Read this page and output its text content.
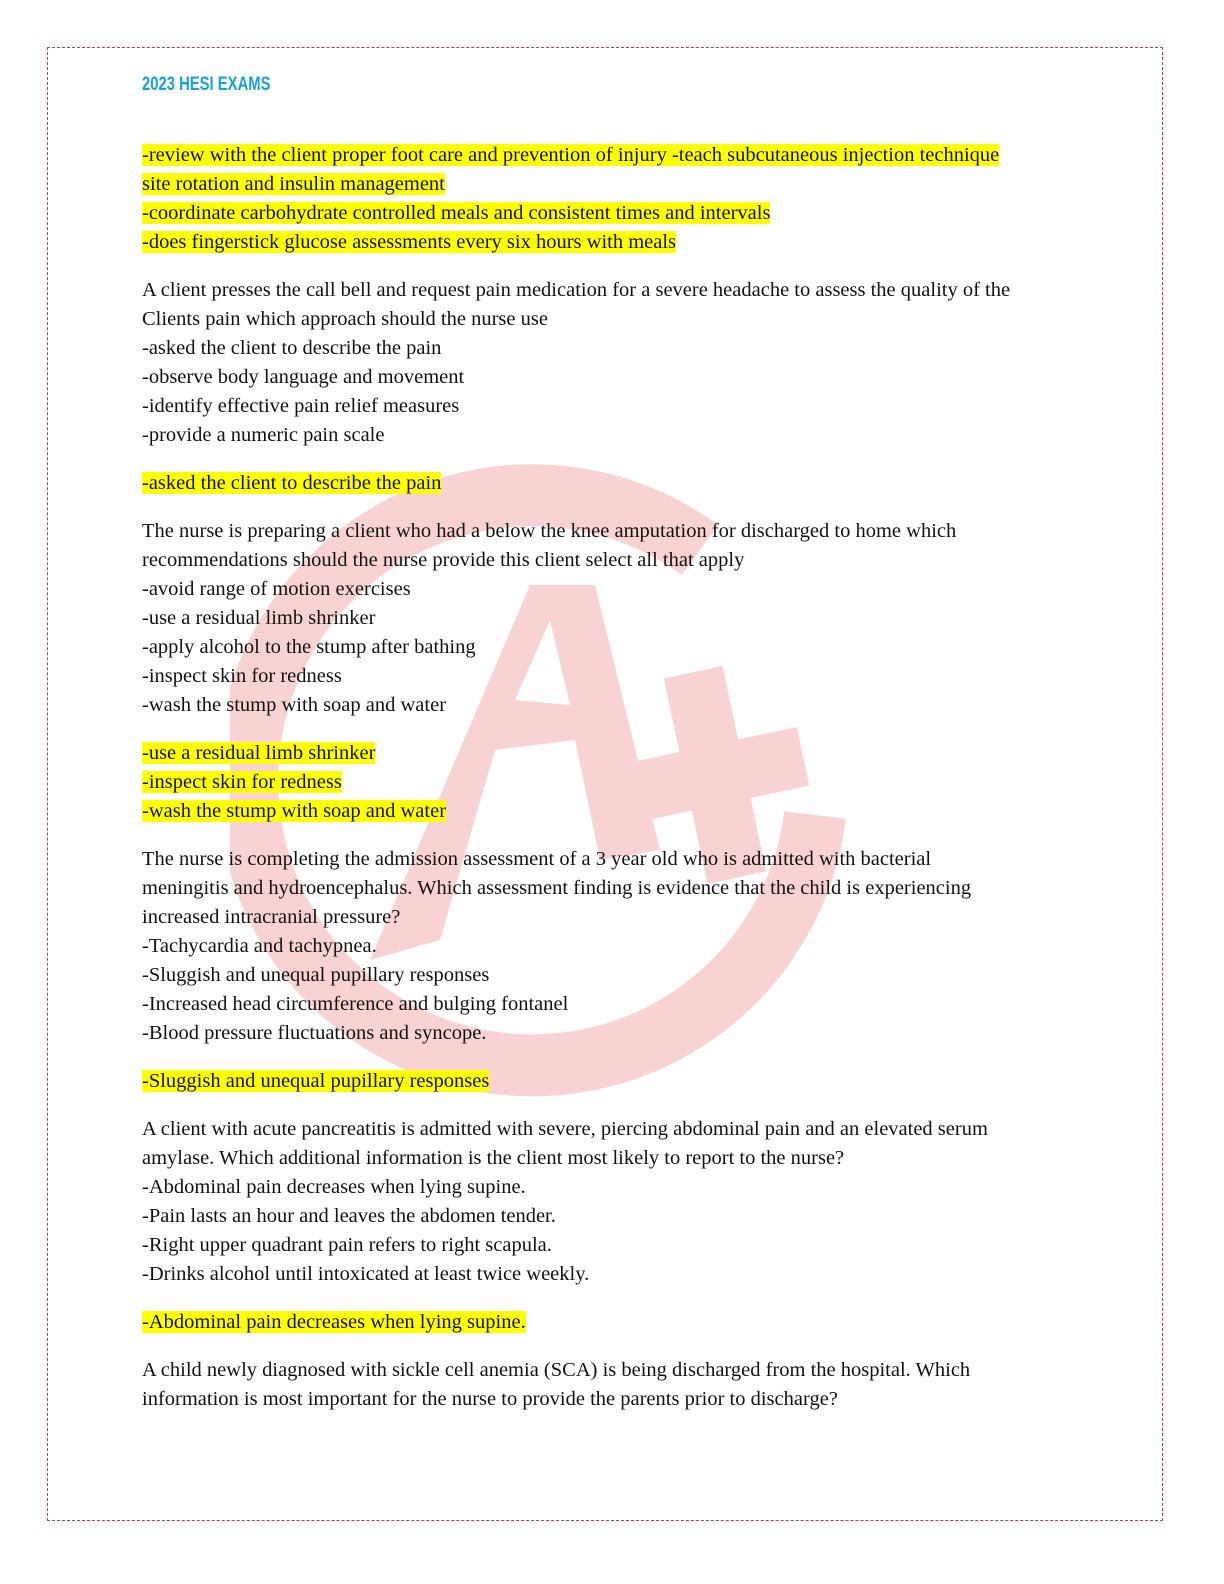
2023 HESI EXAMS
-review with the client proper foot care and prevention of injury -teach subcutaneous injection technique
site rotation and insulin management
-coordinate carbohydrate controlled meals and consistent times and intervals
-does fingerstick glucose assessments every six hours with meals
A client presses the call bell and request pain medication for a severe headache to assess the quality of the
Clients pain which approach should the nurse use
-asked the client to describe the pain
-observe body language and movement
-identify effective pain relief measures
-provide a numeric pain scale
-asked the client to describe the pain
The nurse is preparing a client who had a below the knee amputation for discharged to home which
recommendations should the nurse provide this client select all that apply
-avoid range of motion exercises
-use a residual limb shrinker
-apply alcohol to the stump after bathing
-inspect skin for redness
-wash the stump with soap and water
-use a residual limb shrinker
-inspect skin for redness
-wash the stump with soap and water
The nurse is completing the admission assessment of a 3 year old who is admitted with bacterial
meningitis and hydroencephalus. Which assessment finding is evidence that the child is experiencing
increased intracranial pressure?
-Tachycardia and tachypnea.
-Sluggish and unequal pupillary responses
-Increased head circumference and bulging fontanel
-Blood pressure fluctuations and syncope.
-Sluggish and unequal pupillary responses
A client with acute pancreatitis is admitted with severe, piercing abdominal pain and an elevated serum
amylase. Which additional information is the client most likely to report to the nurse?
-Abdominal pain decreases when lying supine.
-Pain lasts an hour and leaves the abdomen tender.
-Right upper quadrant pain refers to right scapula.
-Drinks alcohol until intoxicated at least twice weekly.
-Abdominal pain decreases when lying supine.
A child newly diagnosed with sickle cell anemia (SCA) is being discharged from the hospital. Which
information is most important for the nurse to provide the parents prior to discharge?
